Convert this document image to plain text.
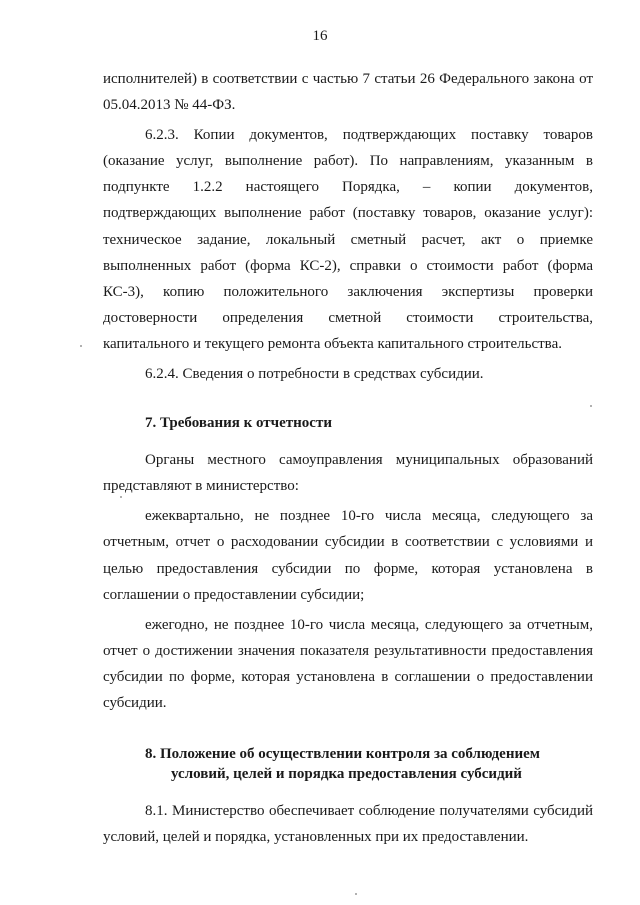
16

исполнителей) в соответствии с частью 7 статьи 26 Федерального закона от 05.04.2013 № 44-ФЗ.

6.2.3. Копии документов, подтверждающих поставку товаров (оказание услуг, выполнение работ). По направлениям, указанным в подпункте 1.2.2 настоящего Порядка, – копии документов, подтверждающих выполнение работ (поставку товаров, оказание услуг): техническое задание, локальный сметный расчет, акт о приемке выполненных работ (форма КС-2), справки о стоимости работ (форма КС-3), копию положительного заключения экспертизы проверки достоверности определения сметной стоимости строительства, капитального и текущего ремонта объекта капитального строительства.

6.2.4. Сведения о потребности в средствах субсидии.

7. Требования к отчетности

Органы местного самоуправления муниципальных образований представляют в министерство:

ежеквартально, не позднее 10-го числа месяца, следующего за отчетным, отчет о расходовании субсидии в соответствии с условиями и целью предоставления субсидии по форме, которая установлена в соглашении о предоставлении субсидии;

ежегодно, не позднее 10-го числа месяца, следующего за отчетным, отчет о достижении значения показателя результативности предоставления субсидии по форме, которая установлена в соглашении о предоставлении субсидии.

8. Положение об осуществлении контроля за соблюдением условий, целей и порядка предоставления субсидий

8.1. Министерство обеспечивает соблюдение получателями субсидий условий, целей и порядка, установленных при их предоставлении.
